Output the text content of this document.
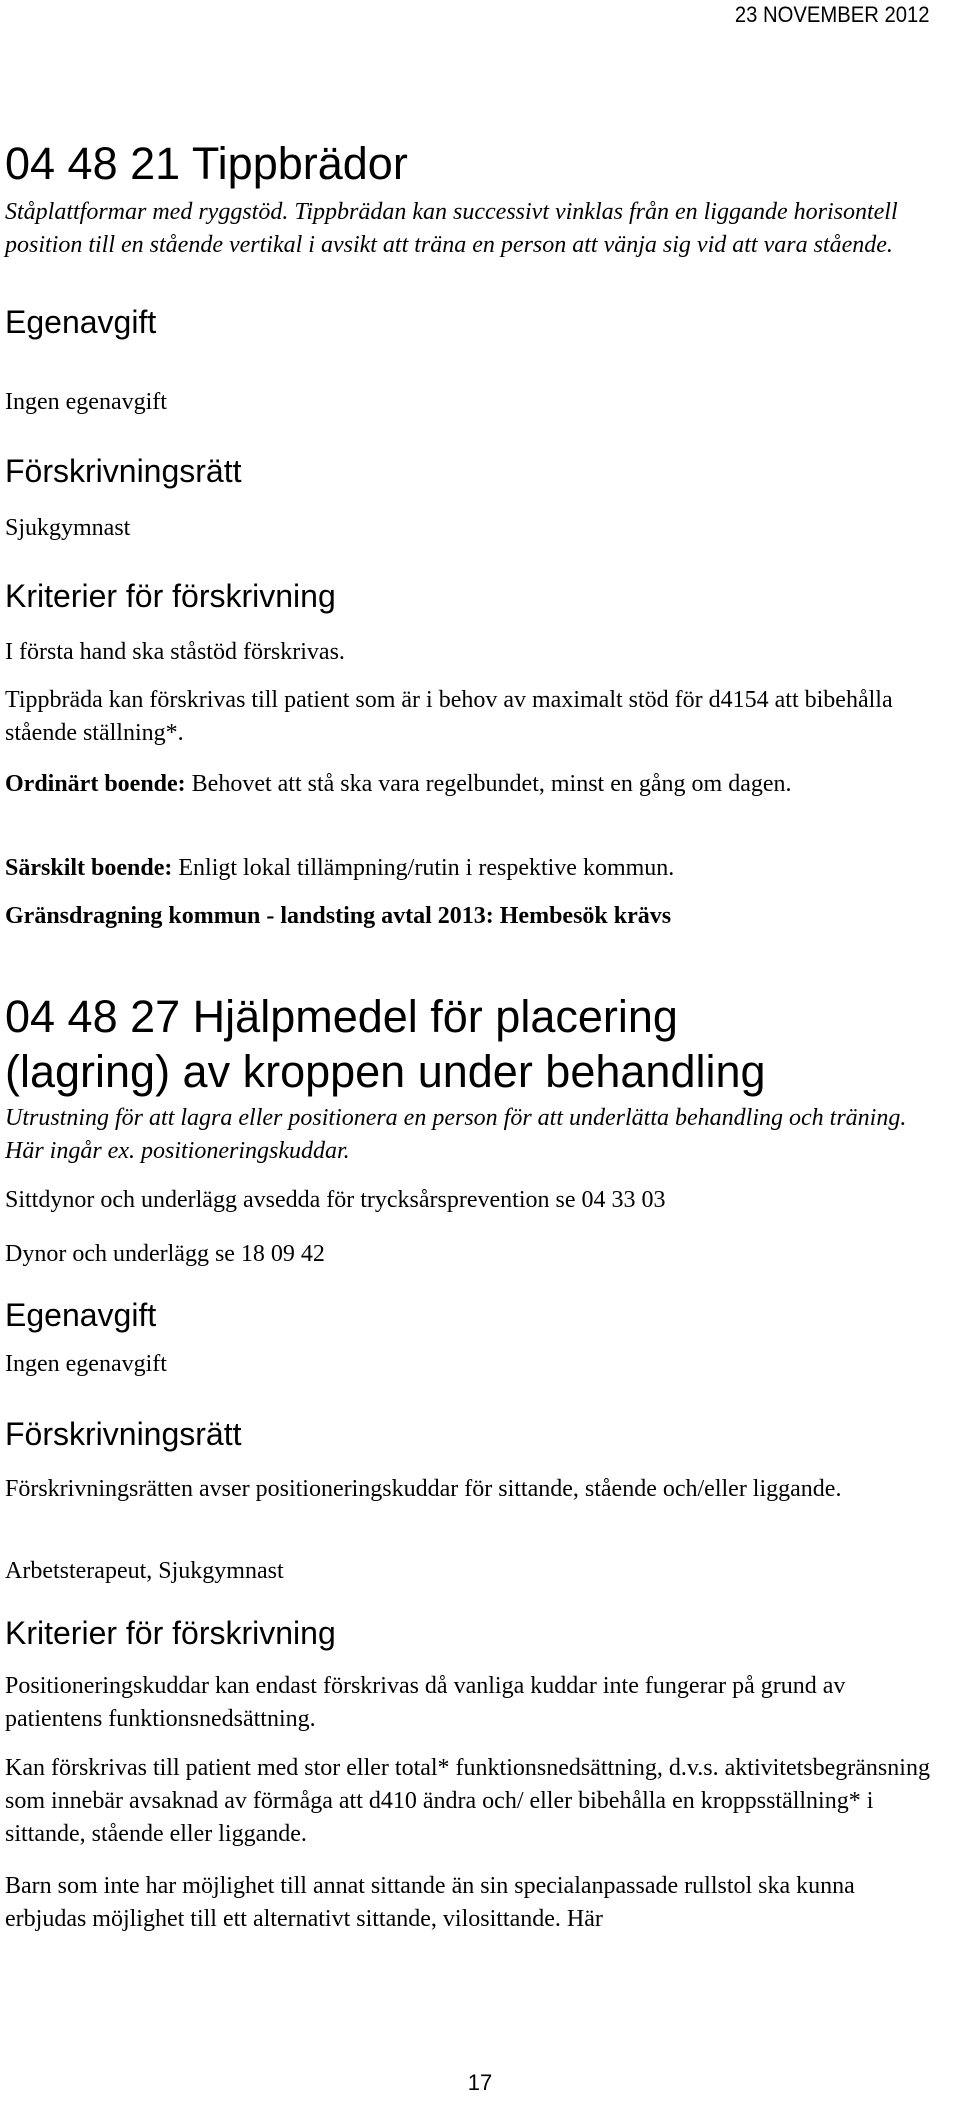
23 NOVEMBER 2012
04 48 21 Tippbrädor

Ståplattformar med ryggstöd. Tippbrädan kan successivt vinklas från en liggande horisontell position till en stående vertikal i avsikt att träna en person att vänja sig vid att vara stående.

Egenavgift

Ingen egenavgift

Förskrivningsrätt

Sjukgymnast

Kriterier för förskrivning

I första hand ska ståstöd förskrivas.

Tippbräda kan förskrivas till patient som är i behov av maximalt stöd för d4154 att bibehålla stående ställning*.

Ordinärt boende: Behovet att stå ska vara regelbundet, minst en gång om dagen.

Särskilt boende: Enligt lokal tillämpning/rutin i respektive kommun.

Gränsdragning kommun - landsting avtal 2013: Hembesök krävs

04 48 27 Hjälpmedel för placering
(lagring) av kroppen under behandling

Utrustning för att lagra eller positionera en person för att underlätta behandling och träning. Här ingår ex. positioneringskuddar.

Sittdynor och underlägg avsedda för trycksårsprevention se 04 33 03

Dynor och underlägg se 18 09 42

Egenavgift

Ingen egenavgift

Förskrivningsrätt

Förskrivningsrätten avser positioneringskuddar för sittande, stående och/eller liggande.

Arbetsterapeut, Sjukgymnast

Kriterier för förskrivning

Positioneringskuddar kan endast förskrivas då vanliga kuddar inte fungerar på grund av patientens funktionsnedsättning.

Kan förskrivas till patient med stor eller total* funktionsnedsättning, d.v.s. aktivitetsbegränsning som innebär avsaknad av förmåga att d410 ändra och/ eller bibehålla en kroppsställning* i sittande, stående eller liggande.

Barn som inte har möjlighet till annat sittande än sin specialanpassade rullstol ska kunna erbjudas möjlighet till ett alternativt sittande, vilosittande. Här

17
